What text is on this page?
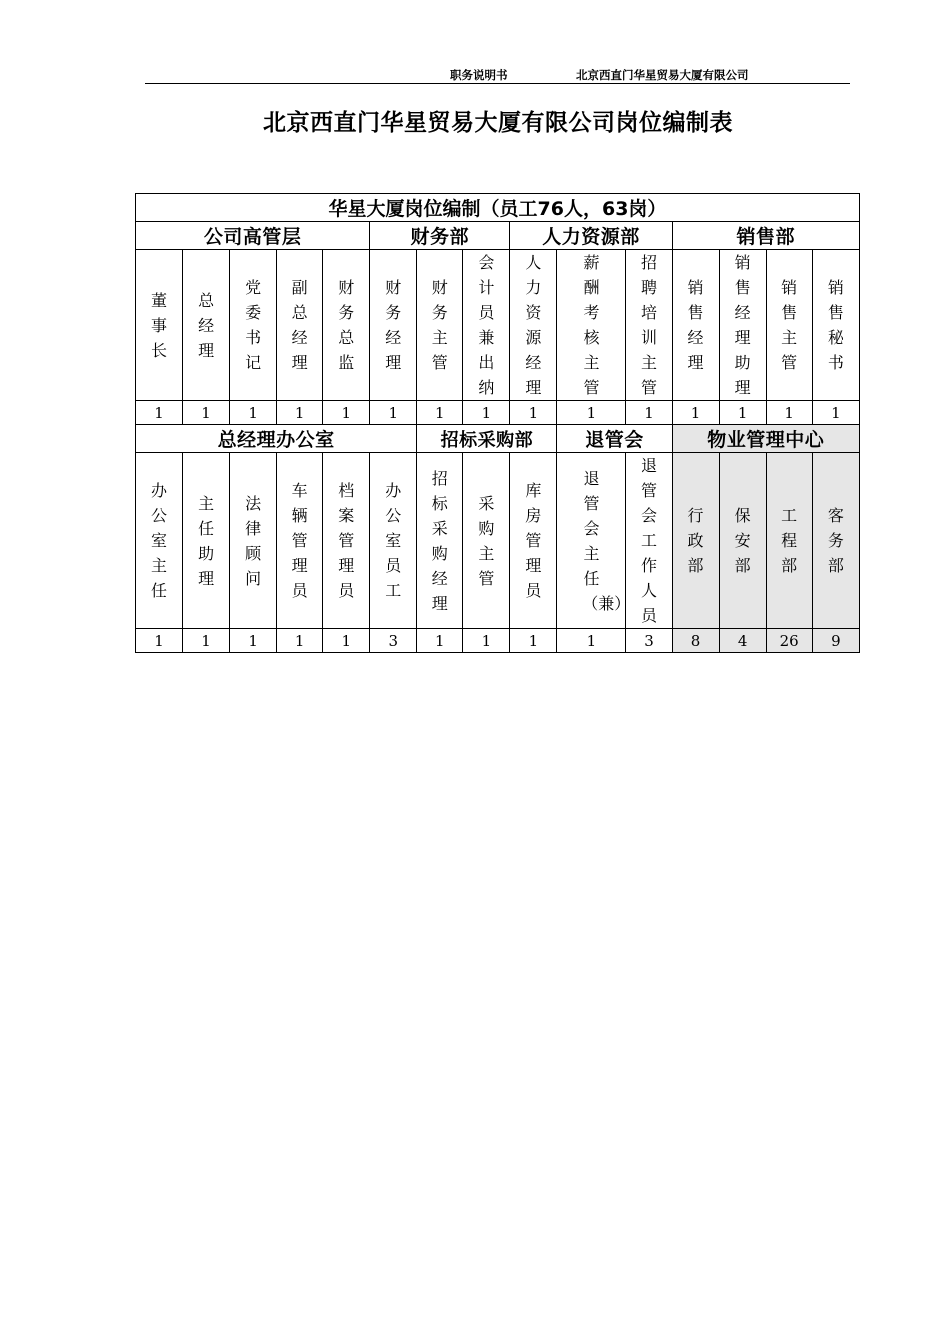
职务说明书	北京西直门华星贸易大厦有限公司
北京西直门华星贸易大厦有限公司岗位编制表
华星大厦岗位编制（员工76人，63岗）														
公司高管层					财务部			人力资源部			销售部			
董事长	总经理	党委书记	副总经理	财务总监	财务经理	财务主管	会计员兼出纳	人力资源经理	薪酬考核主管	招聘培训主管	销售经理	销售经理助理	销售主管	销售秘书
1	1	1	1	1	1	1	1	1	1	1	1	1	1	1
总经理办公室						招标采购部			退管会		物业管理中心			
办公室主任	主任助理	法律顾问	车辆管理员	档案管理员	办公室员工	招标采购经理	采购主管	库房管理员	退管会主任（兼）	退管会工作人员	行政部	保安部	工程部	客务部
1	1	1	1	1	3	1	1	1	1	3	8	4	26	9
